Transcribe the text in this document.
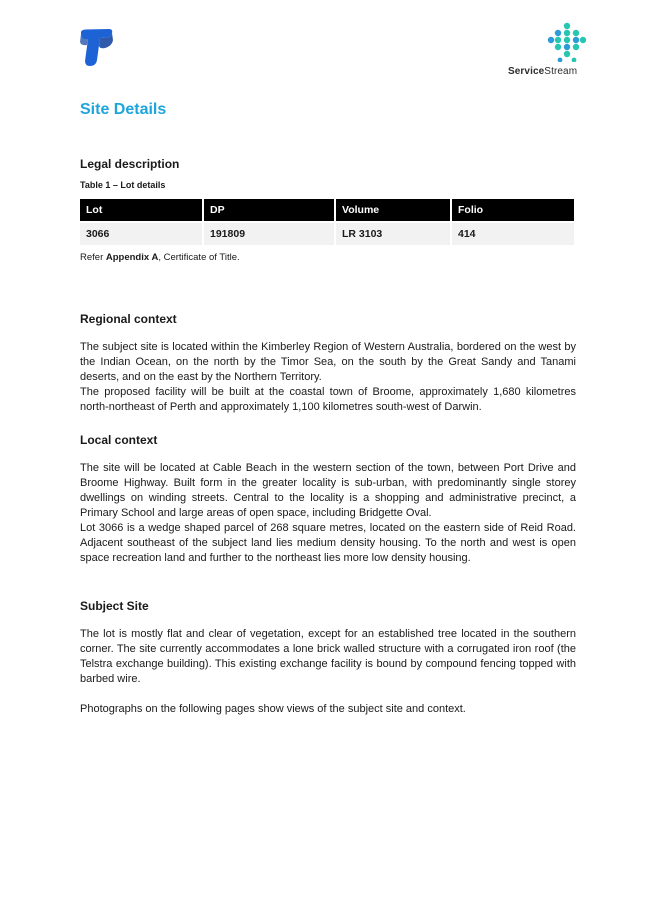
ServiceStream
Site Details
Legal description
Table 1 – Lot details
Lot	DP	Volume	Folio
3066	191809	LR 3103	414

Refer Appendix A, Certificate of Title.

Regional context

The subject site is located within the Kimberley Region of Western Australia, bordered on the west by the Indian Ocean, on the north by the Timor Sea, on the south by the Great Sandy and Tanami deserts, and on the east by the Northern Territory.

The proposed facility will be built at the coastal town of Broome, approximately 1,680 kilometres north-northeast of Perth and approximately 1,100 kilometres south-west of Darwin.

Local context

The site will be located at Cable Beach in the western section of the town, between Port Drive and Broome Highway. Built form in the greater locality is sub-urban, with predominantly single storey dwellings on winding streets. Central to the locality is a shopping and administrative precinct, a Primary School and large areas of open space, including Bridgette Oval.

Lot 3066 is a wedge shaped parcel of 268 square metres, located on the eastern side of Reid Road. Adjacent southeast of the subject land lies medium density housing. To the north and west is open space recreation land and further to the northeast lies more low density housing.

Subject Site

The lot is mostly flat and clear of vegetation, except for an established tree located in the southern corner. The site currently accommodates a lone brick walled structure with a corrugated iron roof (the Telstra exchange building). This existing exchange facility is bound by compound fencing topped with barbed wire.

Photographs on the following pages show views of the subject site and context.
